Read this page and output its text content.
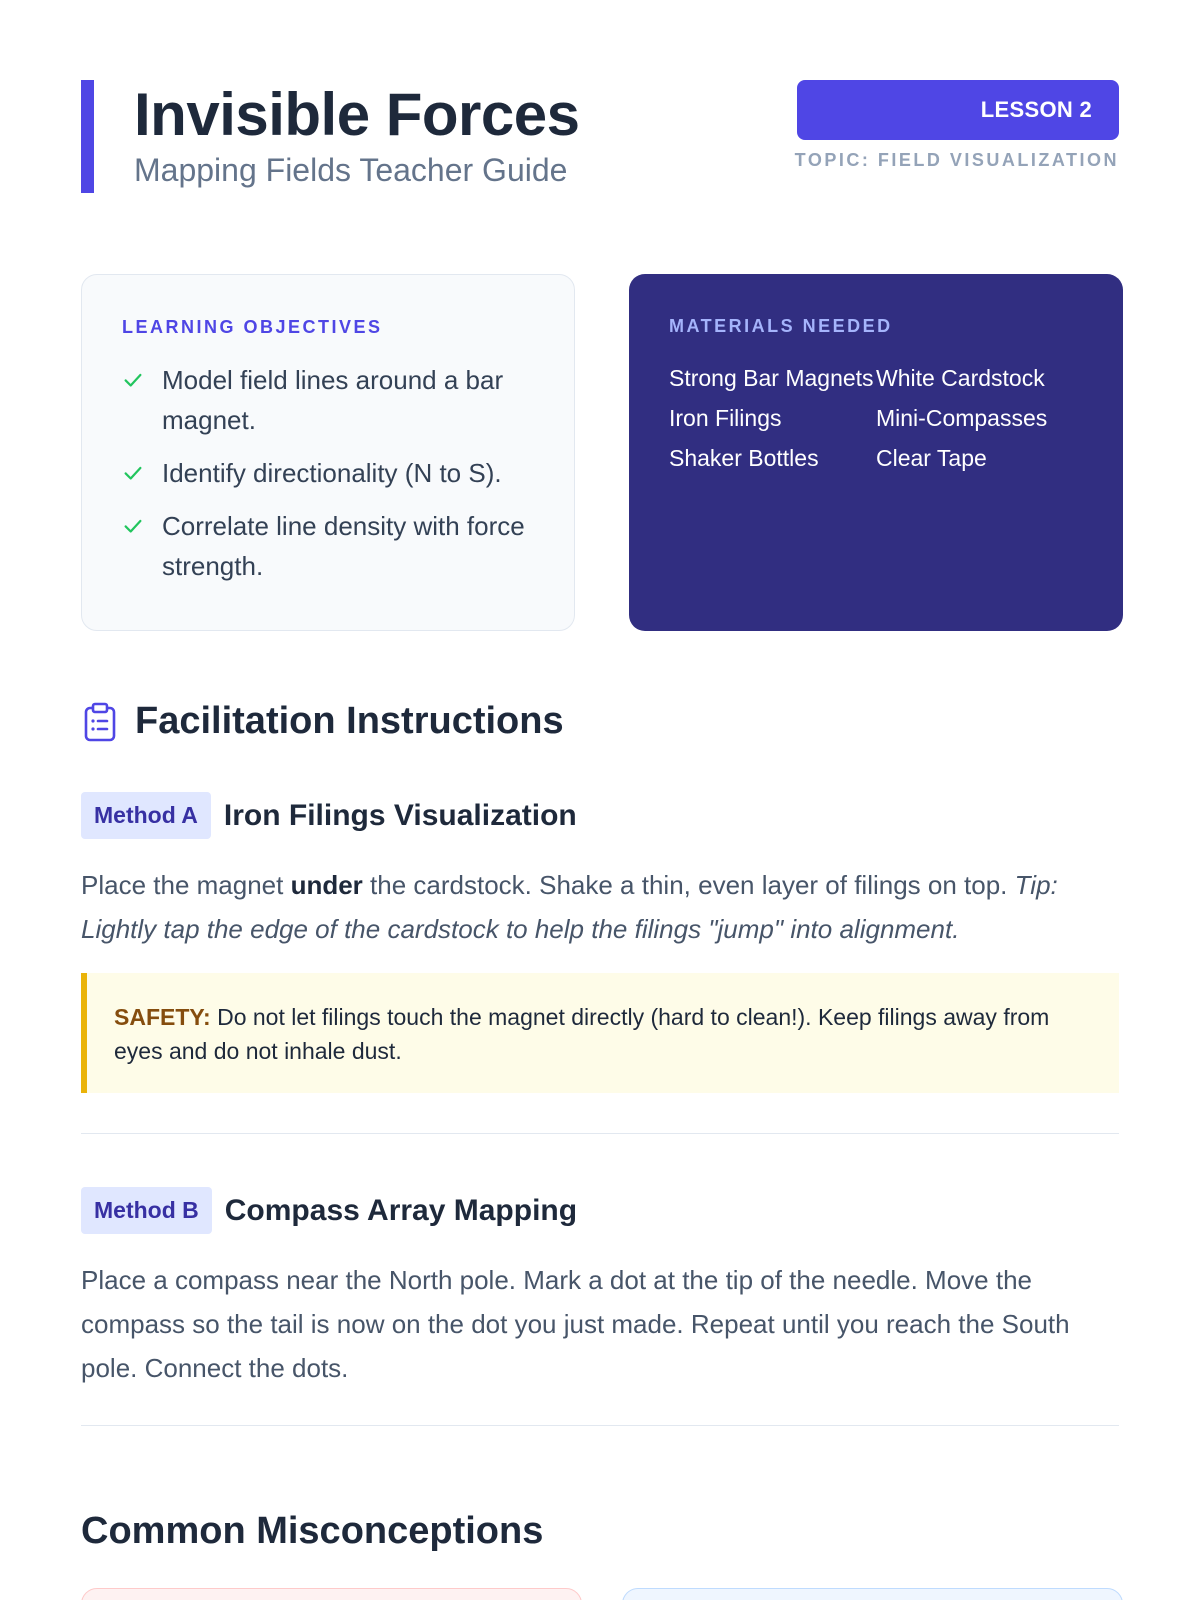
Invisible Forces
Mapping Fields Teacher Guide
LESSON 2
TOPIC: FIELD VISUALIZATION
LEARNING OBJECTIVES
Model field lines around a bar magnet.
Identify directionality (N to S).
Correlate line density with force strength.
MATERIALS NEEDED
Strong Bar Magnets
Iron Filings
Shaker Bottles
White Cardstock
Mini-Compasses
Clear Tape
Facilitation Instructions
Method A Iron Filings Visualization

Place the magnet under the cardstock. Shake a thin, even layer of filings on top. Tip: Lightly tap the edge of the cardstock to help the filings "jump" into alignment.

SAFETY: Do not let filings touch the magnet directly (hard to clean!). Keep filings away from eyes and do not inhale dust.
Method B Compass Array Mapping

Place a compass near the North pole. Mark a dot at the tip of the needle. Move the compass so the tail is now on the dot you just made. Repeat until you reach the South pole. Connect the dots.

Common Misconceptions
